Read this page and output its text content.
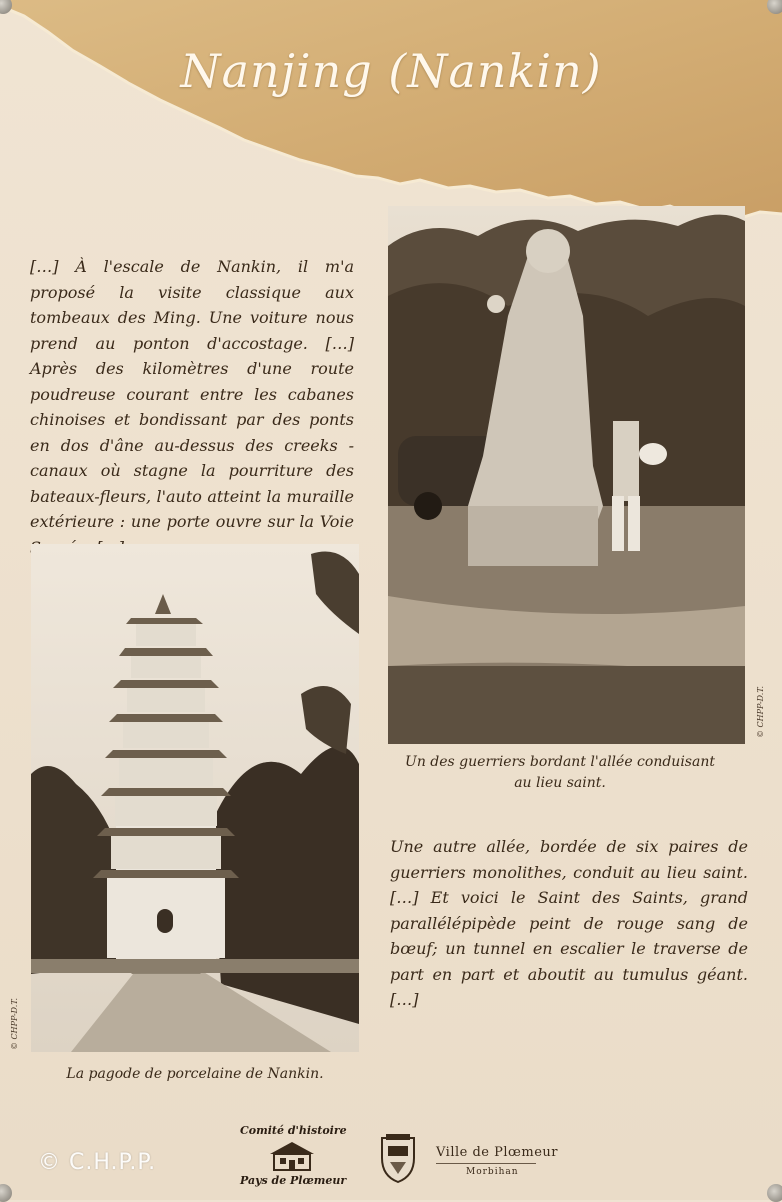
Nanjing (Nankin)

[…] À l'escale de Nankin, il m'a proposé la visite classique aux tombeaux des Ming. Une voiture nous prend au ponton d'accostage. […] Après des kilomètres d'une route poudreuse courant entre les cabanes chinoises et bondissant par des ponts en dos d'âne au-dessus des creeks - canaux où stagne la pourriture des bateaux-fleurs, l'auto atteint la muraille extérieure : une porte ouvre sur la Voie

© CHPP-D.T.

Un des guerriers bordant l'allée conduisant au lieu saint.

© CHPP-D.T.

La pagode de porcelaine de Nankin.

Une autre allée, bordée de six paires de guerriers monolithes, conduit au lieu saint. […] Et voici le Saint des Saints, grand parallélépipède peint de rouge sang de bœuf; un tunnel en escalier le traverse de part en part et aboutit au tumulus géant. […]

© C.H.P.P.
Comité d'histoire
Pays de Plœmeur
Ville de Plœmeur
Morbihan
